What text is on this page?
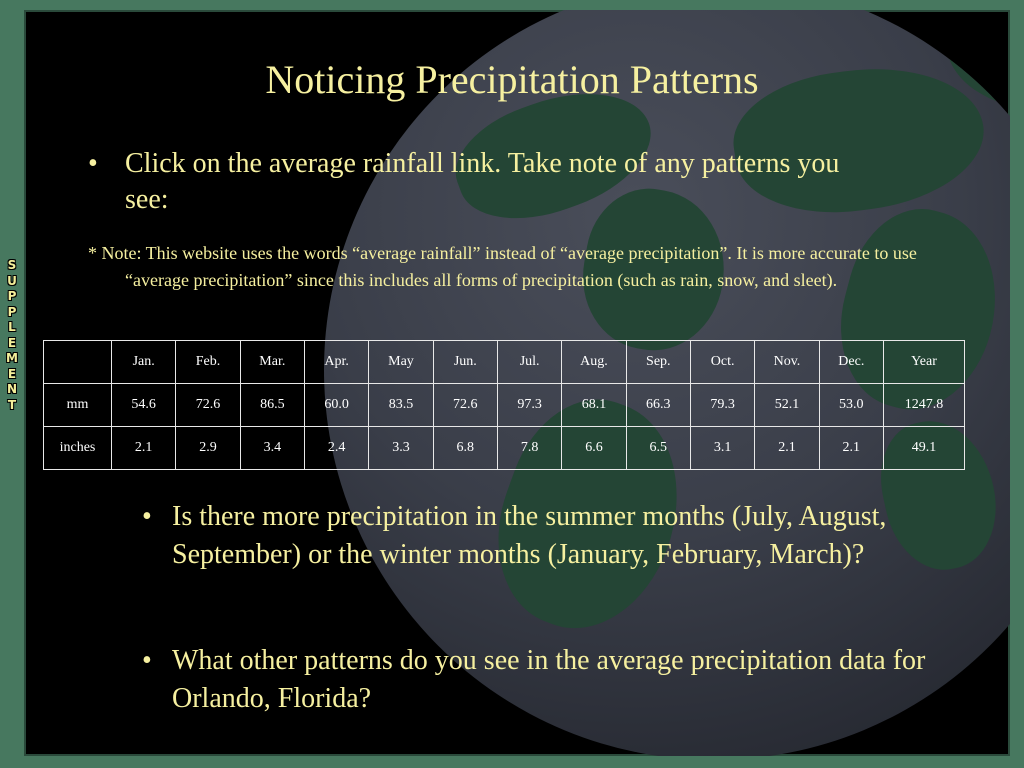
S
U
P
P
L
E
M
E
N
T
Noticing Precipitation Patterns
• Click on the average rainfall link. Take note of any patterns you see:
* Note: This website uses the words “average rainfall” instead of “average precipitation”. It is more accurate to use “average precipitation” since this includes all forms of precipitation (such as rain, snow, and sleet).
	Jan.	Feb.	Mar.	Apr.	May	Jun.	Jul.	Aug.	Sep.	Oct.	Nov.	Dec.	Year
mm	54.6	72.6	86.5	60.0	83.5	72.6	97.3	68.1	66.3	79.3	52.1	53.0	1247.8
inches	2.1	2.9	3.4	2.4	3.3	6.8	7.8	6.6	6.5	3.1	2.1	2.1	49.1
• Is there more precipitation in the summer months (July, August, September) or the winter months (January, February, March)?
• What other patterns do you see in the average precipitation data for Orlando, Florida?
